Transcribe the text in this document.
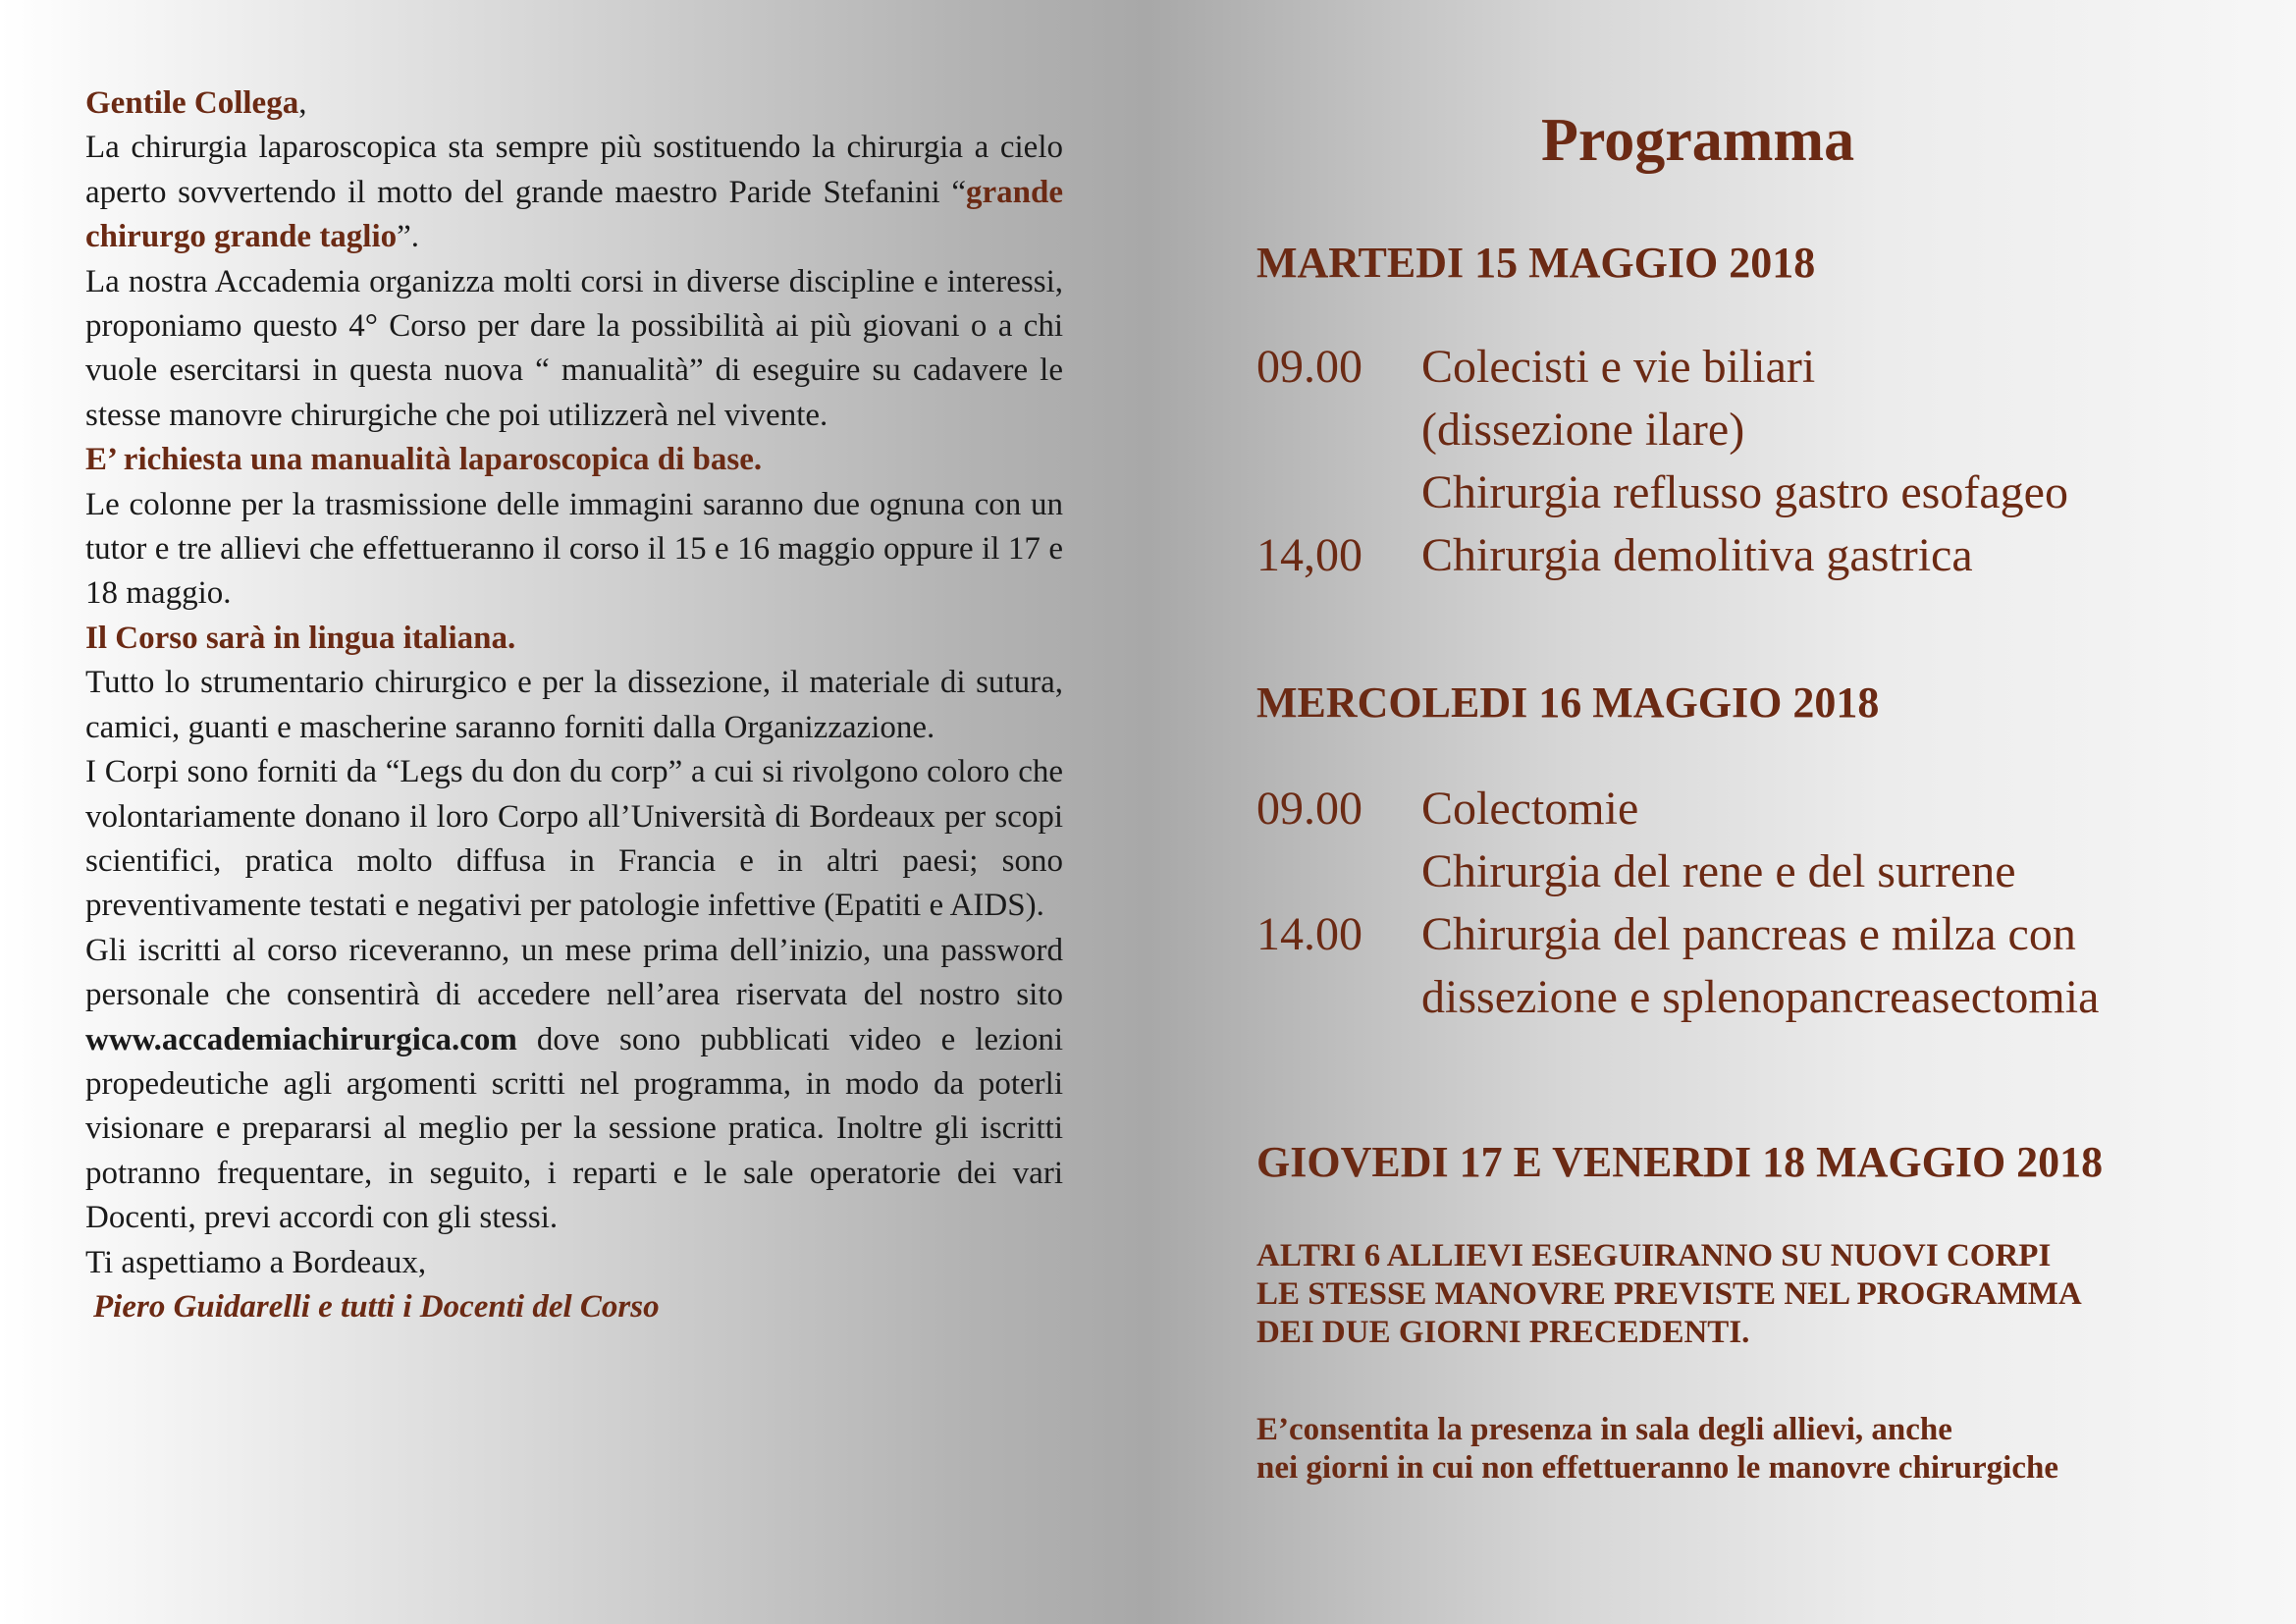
Gentile Collega,

La chirurgia laparoscopica sta sempre più sostituendo la chirurgia a cielo aperto sovvertendo il motto del grande maestro Paride Stefanini “grande chirurgo grande taglio”.

La nostra Accademia organizza molti corsi in diverse discipline e interessi, proponiamo questo 4° Corso per dare la possibilità ai più giovani o a chi vuole esercitarsi in questa nuova “ manualità” di eseguire su cadavere le stesse manovre chirurgiche che poi utilizzerà nel vivente.

E’ richiesta una manualità laparoscopica di base.

Le colonne per la trasmissione delle immagini saranno due ognuna con un tutor e tre allievi che effettueranno il corso il 15 e 16 maggio oppure il 17 e 18 maggio.

Il Corso sarà in lingua italiana.

Tutto lo strumentario chirurgico e per la dissezione, il materiale di sutura, camici, guanti e mascherine saranno forniti dalla Organizzazione.

I Corpi sono forniti da “Legs du don du corp” a cui si rivolgono coloro che volontariamente donano il loro Corpo all’Università di Bordeaux per scopi scientifici, pratica molto diffusa in Francia e in altri paesi; sono preventivamente testati e negativi per patologie infettive (Epatiti e AIDS).

Gli iscritti al corso riceveranno, un mese prima dell’inizio, una password personale che consentirà di accedere nell’area riservata del nostro sito www.accademiachirurgica.com dove sono pubblicati video e lezioni propedeutiche agli argomenti scritti nel programma, in modo da poterli visionare e prepararsi al meglio per la sessione pratica. Inoltre gli iscritti potranno frequentare, in seguito, i reparti e le sale operatorie dei vari Docenti, previ accordi con gli stessi.

Ti aspettiamo a Bordeaux,

Piero Guidarelli e tutti i Docenti del Corso

Programma
MARTEDI 15 MAGGIO 2018
09.00	Colecisti e vie biliari
(dissezione ilare)
Chirurgia reflusso gastro esofageo
14,00	Chirurgia demolitiva gastrica
MERCOLEDI 16 MAGGIO 2018
09.00	Colectomie
Chirurgia del rene e del surrene
14.00	Chirurgia del pancreas e milza con
dissezione e splenopancreasectomia
GIOVEDI 17 E VENERDI 18 MAGGIO 2018
ALTRI 6 ALLIEVI ESEGUIRANNO SU NUOVI CORPI
LE STESSE MANOVRE PREVISTE NEL PROGRAMMA
DEI DUE GIORNI PRECEDENTI.
E’consentita la presenza in sala degli allievi, anche
nei giorni in cui non effettueranno le manovre chirurgiche
